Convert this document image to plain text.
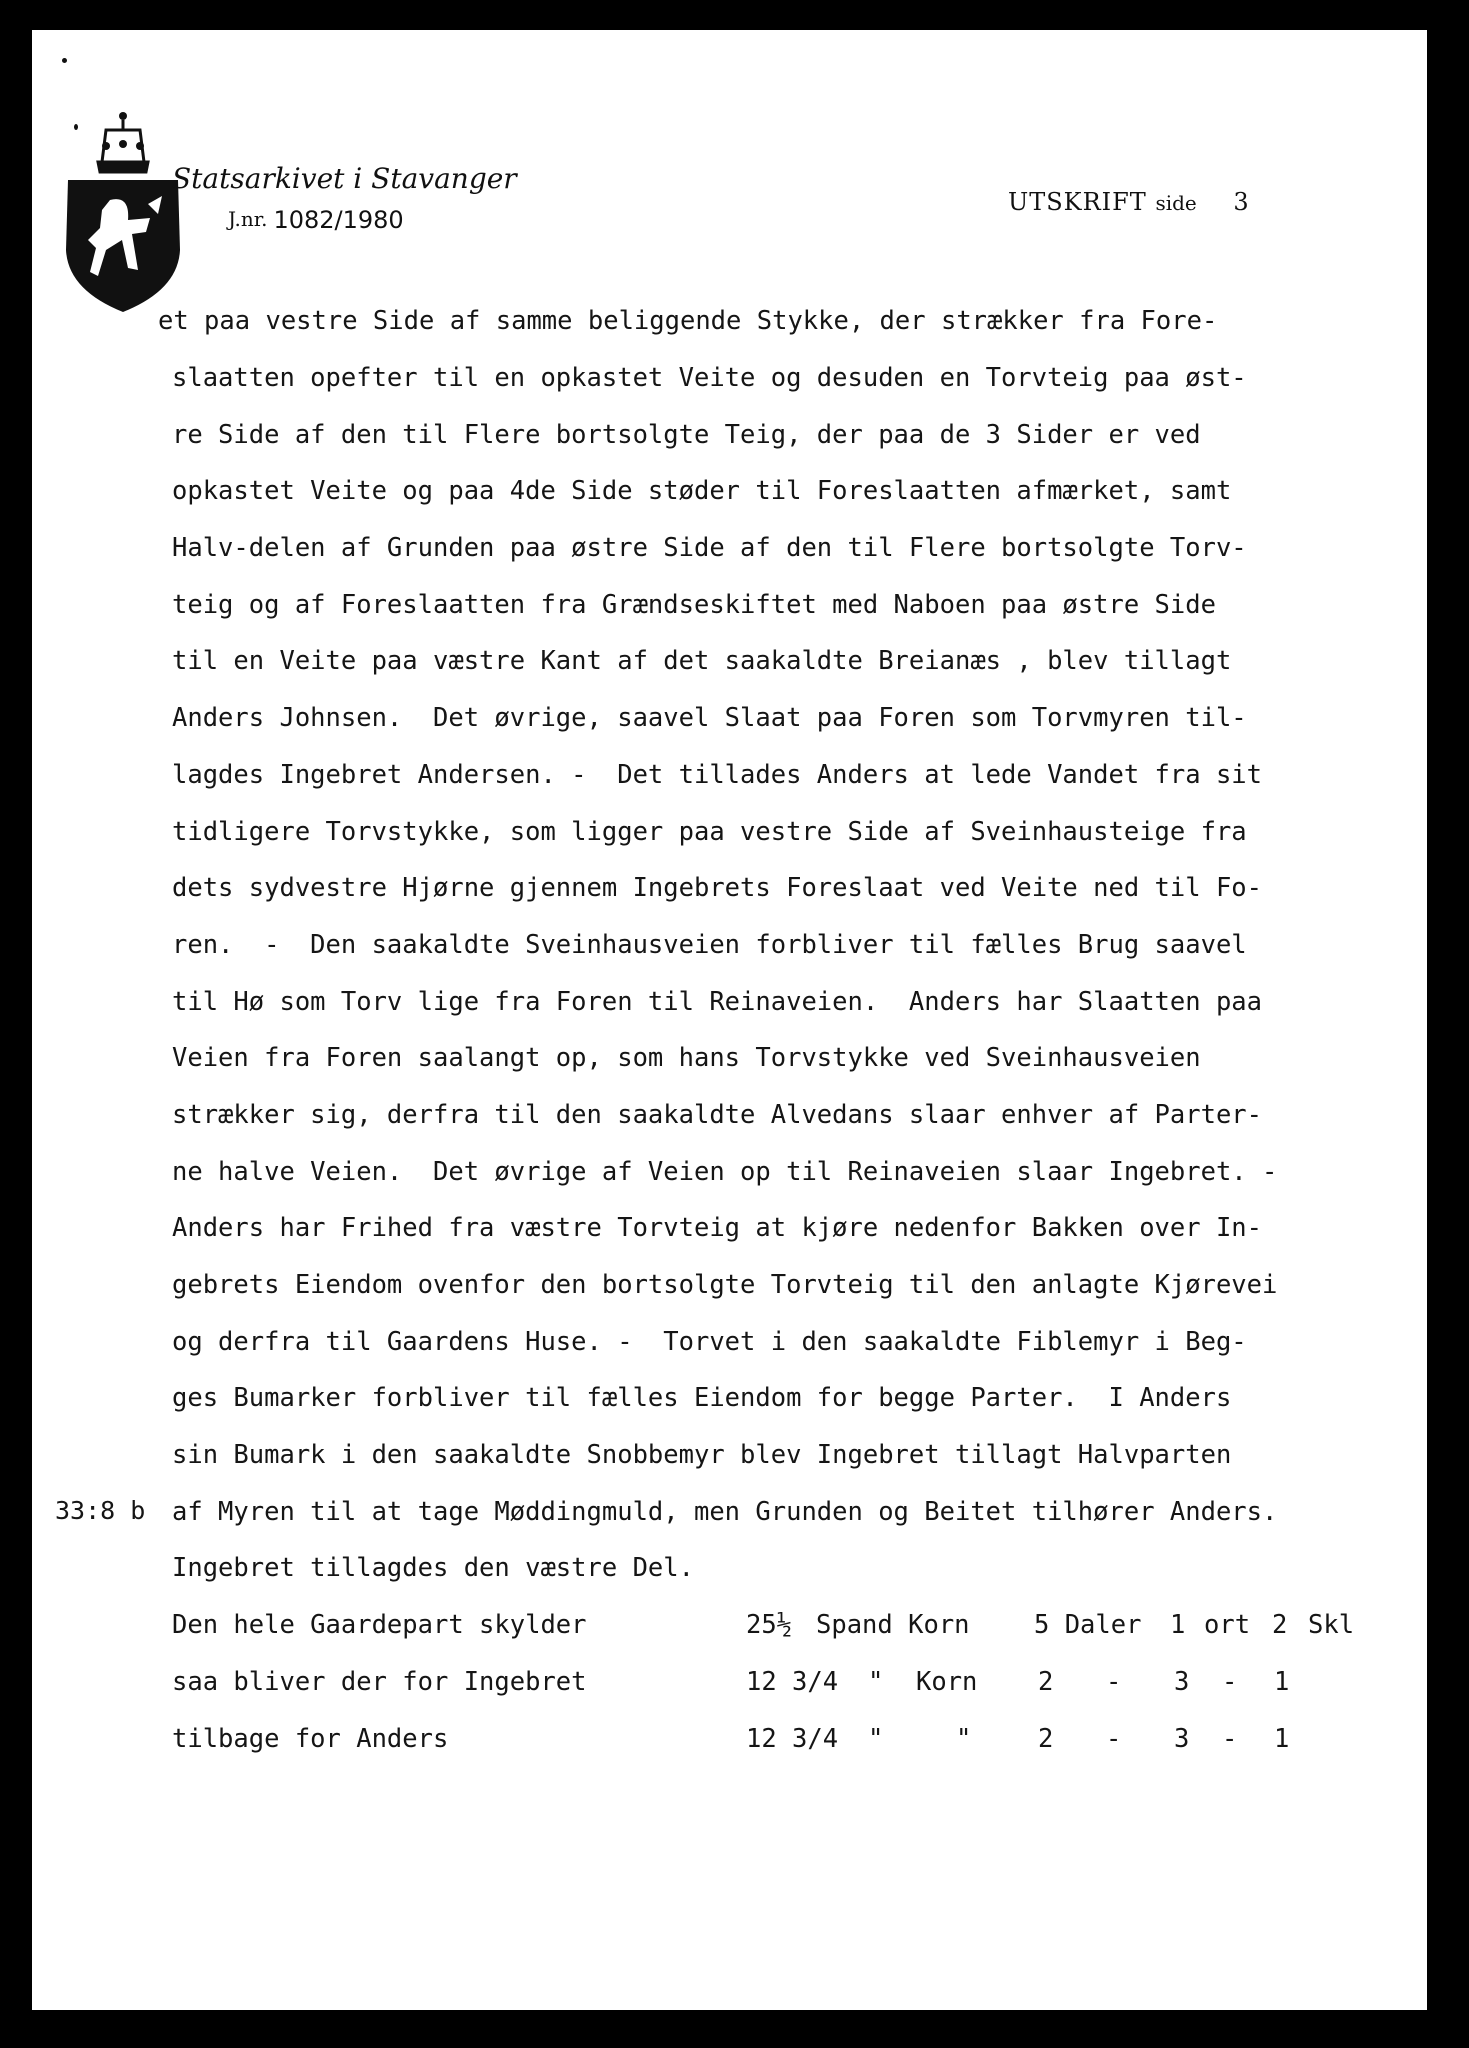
Statsarkivet i Stavanger
J.nr. 1082/1980
UTSKRIFT side 3
et paa vestre Side af samme beliggende Stykke, der strækker fra Fore-
slaatten opefter til en opkastet Veite og desuden en Torvteig paa øst-
re Side af den til Flere bortsolgte Teig, der paa de 3 Sider er ved
opkastet Veite og paa 4de Side støder til Foreslaatten afmærket, samt
Halv-delen af Grunden paa østre Side af den til Flere bortsolgte Torv-
teig og af Foreslaatten fra Grændseskiftet med Naboen paa østre Side
til en Veite paa væstre Kant af det saakaldte Breianæs , blev tillagt
Anders Johnsen.  Det øvrige, saavel Slaat paa Foren som Torvmyren til-
lagdes Ingebret Andersen. -  Det tillades Anders at lede Vandet fra sit
tidligere Torvstykke, som ligger paa vestre Side af Sveinhausteige fra
dets sydvestre Hjørne gjennem Ingebrets Foreslaat ved Veite ned til Fo-
ren.  -  Den saakaldte Sveinhausveien forbliver til fælles Brug saavel
til Hø som Torv lige fra Foren til Reinaveien.  Anders har Slaatten paa
Veien fra Foren saalangt op, som hans Torvstykke ved Sveinhausveien
strækker sig, derfra til den saakaldte Alvedans slaar enhver af Parter-
ne halve Veien.  Det øvrige af Veien op til Reinaveien slaar Ingebret. -
Anders har Frihed fra væstre Torvteig at kjøre nedenfor Bakken over In-
gebrets Eiendom ovenfor den bortsolgte Torvteig til den anlagte Kjørevei
og derfra til Gaardens Huse. -  Torvet i den saakaldte Fiblemyr i Beg-
ges Bumarker forbliver til fælles Eiendom for begge Parter.  I Anders
sin Bumark i den saakaldte Snobbemyr blev Ingebret tillagt Halvparten
af Myren til at tage Møddingmuld, men Grunden og Beitet tilhører Anders.
Ingebret tillagdes den væstre Del.
33:8 b
Den hele Gaardepart skylder	25½ Spand Korn	5 Daler 1 ort 2 Skl
saa bliver der for Ingebret	12 3/4 " Korn 2 - 3 - 1
tilbage for Anders	12 3/4 "	"	2 - 3 - 1
